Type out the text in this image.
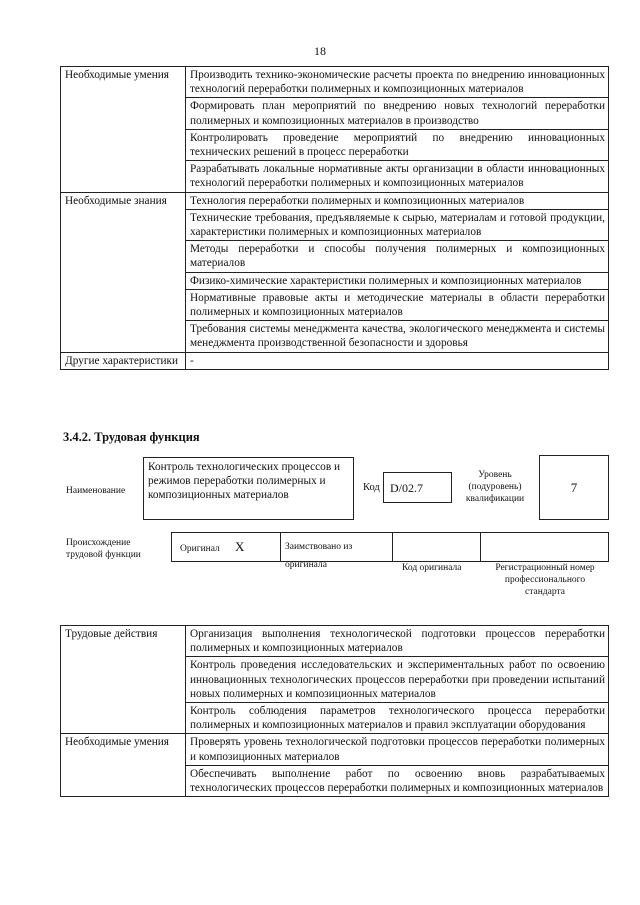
18
Необходимые умения	Производить технико-экономические расчеты проекта по внедрению инновационных технологий переработки полимерных и композиционных материалов
	Формировать план мероприятий по внедрению новых технологий переработки полимерных и композиционных материалов в производство
	Контролировать проведение мероприятий по внедрению инновационных технических решений в процесс переработки
	Разрабатывать локальные нормативные акты организации в области инновационных технологий переработки полимерных и композиционных материалов
Необходимые знания	Технология переработки полимерных и композиционных материалов
	Технические требования, предъявляемые к сырью, материалам и готовой продукции, характеристики полимерных и композиционных материалов
	Методы переработки и способы получения полимерных и композиционных материалов
	Физико-химические характеристики полимерных и композиционных материалов
	Нормативные правовые акты и методические материалы в области переработки полимерных и композиционных материалов
	Требования системы менеджмента качества, экологического менеджмента и системы менеджмента производственной безопасности и здоровья
Другие характеристики	-
3.4.2. Трудовая функция
Наименование
Контроль технологических процессов и режимов переработки полимерных и композиционных материалов
Код D/02.7
Уровень (подуровень) квалификации
7
Происхождение трудовой функции
Оригинал X	Заимствовано из оригинала	Код оригинала	Регистрационный номер профессионального стандарта
Трудовые действия	Организация выполнения технологической подготовки процессов переработки полимерных и композиционных материалов
	Контроль проведения исследовательских и экспериментальных работ по освоению инновационных технологических процессов переработки при проведении испытаний новых полимерных и композиционных материалов
	Контроль соблюдения параметров технологического процесса переработки полимерных и композиционных материалов и правил эксплуатации оборудования
Необходимые умения	Проверять уровень технологической подготовки процессов переработки полимерных и композиционных материалов
	Обеспечивать выполнение работ по освоению вновь разрабатываемых технологических процессов переработки полимерных и композиционных материалов
